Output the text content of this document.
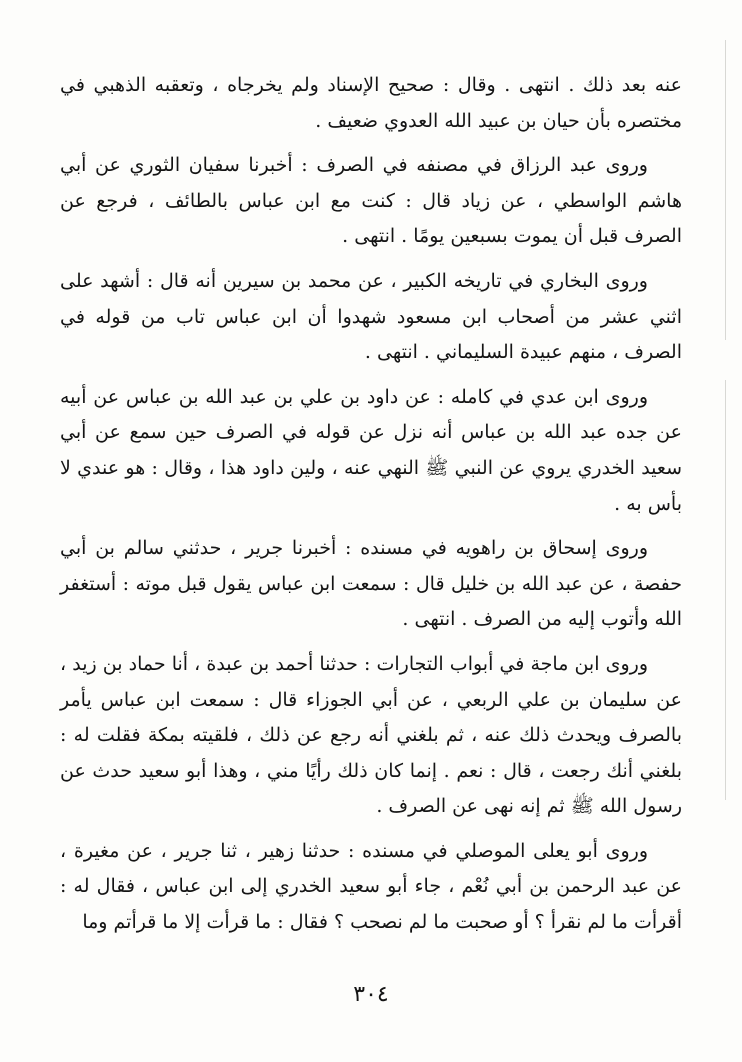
عنه بعد ذلك . انتهى . وقال : صحيح الإسناد ولم يخرجاه ، وتعقبه الذهبي في مختصره بأن حيان بن عبيد الله العدوي ضعيف .

وروى عبد الرزاق في مصنفه في الصرف : أخبرنا سفيان الثوري عن أبي هاشم الواسطي ، عن زياد قال : كنت مع ابن عباس بالطائف ، فرجع عن الصرف قبل أن يموت بسبعين يومًا . انتهى .

وروى البخاري في تاريخه الكبير ، عن محمد بن سيرين أنه قال : أشهد على اثني عشر من أصحاب ابن مسعود شهدوا أن ابن عباس تاب من قوله في الصرف ، منهم عبيدة السليماني . انتهى .

وروى ابن عدي في كامله : عن داود بن علي بن عبد الله بن عباس عن أبيه عن جده عبد الله بن عباس أنه نزل عن قوله في الصرف حين سمع عن أبي سعيد الخدري يروي عن النبي ﷺ النهي عنه ، ولين داود هذا ، وقال : هو عندي لا بأس به .

وروى إسحاق بن راهويه في مسنده : أخبرنا جرير ، حدثني سالم بن أبي حفصة ، عن عبد الله بن خليل قال : سمعت ابن عباس يقول قبل موته : أستغفر الله وأتوب إليه من الصرف . انتهى .

وروى ابن ماجة في أبواب التجارات : حدثنا أحمد بن عبدة ، أنا حماد بن زيد ، عن سليمان بن علي الربعي ، عن أبي الجوزاء قال : سمعت ابن عباس يأمر بالصرف ويحدث ذلك عنه ، ثم بلغني أنه رجع عن ذلك ، فلقيته بمكة فقلت له : بلغني أنك رجعت ، قال : نعم . إنما كان ذلك رأيًا مني ، وهذا أبو سعيد حدث عن رسول الله ﷺ ثم إنه نهى عن الصرف .

وروى أبو يعلى الموصلي في مسنده : حدثنا زهير ، ثنا جرير ، عن مغيرة ، عن عبد الرحمن بن أبي نُعْم ، جاء أبو سعيد الخدري إلى ابن عباس ، فقال له : أقرأت ما لم نقرأ ؟ أو صحبت ما لم نصحب ؟ فقال : ما قرأت إلا ما قرأتم وما

٣٠٤
